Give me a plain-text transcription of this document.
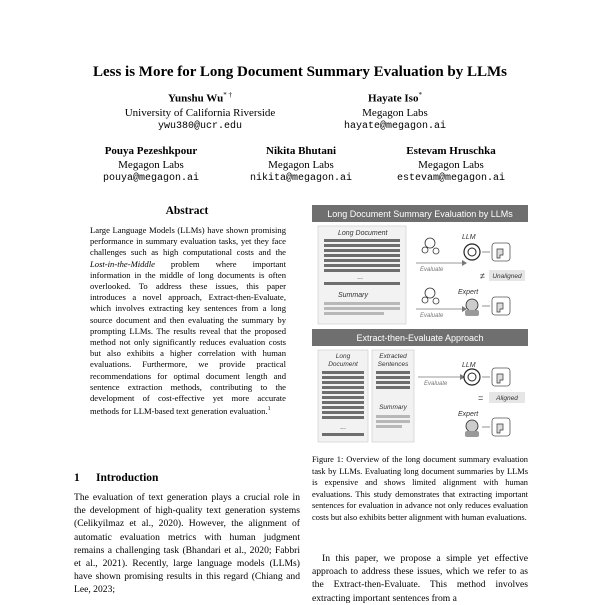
Less is More for Long Document Summary Evaluation by LLMs
Yunshu Wu* †
University of California Riverside
ywu380@ucr.edu
Hayate Iso*
Megagon Labs
hayate@megagon.ai
Pouya Pezeshkpour
Megagon Labs
pouya@megagon.ai
Nikita Bhutani
Megagon Labs
nikita@megagon.ai
Estevam Hruschka
Megagon Labs
estevam@megagon.ai
Abstract

Large Language Models (LLMs) have shown promising performance in summary evaluation tasks, yet they face challenges such as high computational costs and the Lost-in-the-Middle problem where important information in the middle of long documents is often overlooked. To address these issues, this paper introduces a novel approach, Extract-then-Evaluate, which involves extracting key sentences from a long source document and then evaluating the summary by prompting LLMs. The results reveal that the proposed method not only significantly reduces evaluation costs but also exhibits a higher correlation with human evaluations. Furthermore, we provide practical recommendations for optimal document length and sentence extraction methods, contributing to the development of cost-effective yet more accurate methods for LLM-based text generation evaluation.$^1$

1 Introduction

The evaluation of text generation plays a crucial role in the development of high-quality text generation systems (Celikyilmaz et al., 2020). However, the alignment of automatic evaluation metrics with human judgment remains a challenging task (Bhandari et al., 2020; Fabbri et al., 2021). Recently, large language models (LLMs) have shown promising results in this regard (Chiang and Lee, 2023;

Long Document Summary Evaluation by LLMs
Long Document
...
Summary
Evaluate
LLM
≠ Unaligned
Evaluate
Expert
Extract-then-Evaluate Approach
Long
Document
...
Extracted
Sentences
Summary
LLM
Evaluate
= Aligned
Expert
Figure 1: Overview of the long document summary evaluation task by LLMs. Evaluating long document summaries by LLMs is expensive and shows limited alignment with human evaluations. This study demonstrates that extracting important sentences for evaluation in advance not only reduces evaluation costs but also exhibits better alignment with human evaluations.

In this paper, we propose a simple yet effective approach to address these issues, which we refer to as the Extract-then-Evaluate. This method involves extracting important sentences from a
